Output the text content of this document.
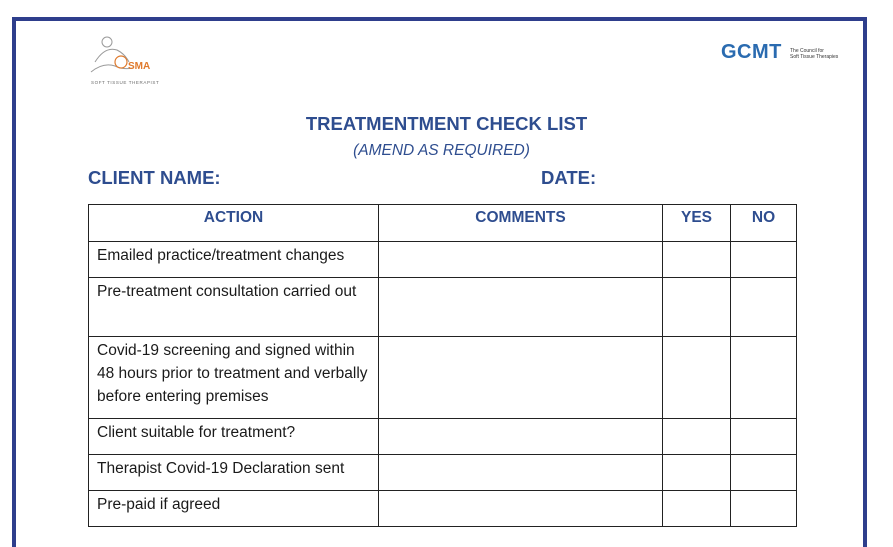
SMA
SOFT TISSUE THERAPIST
GCMT The Council for
Soft Tissue Therapies
TREATMENTMENT CHECK LIST
(AMEND AS REQUIRED)
CLIENT NAME:	DATE:
ACTION	COMMENTS	YES	NO
Emailed practice/treatment changes			
Pre-treatment consultation carried out			
Covid-19 screening and signed within 48 hours prior to treatment and verbally before entering premises			
Client suitable for treatment?			
Therapist Covid-19 Declaration sent			
Pre-paid if agreed			
